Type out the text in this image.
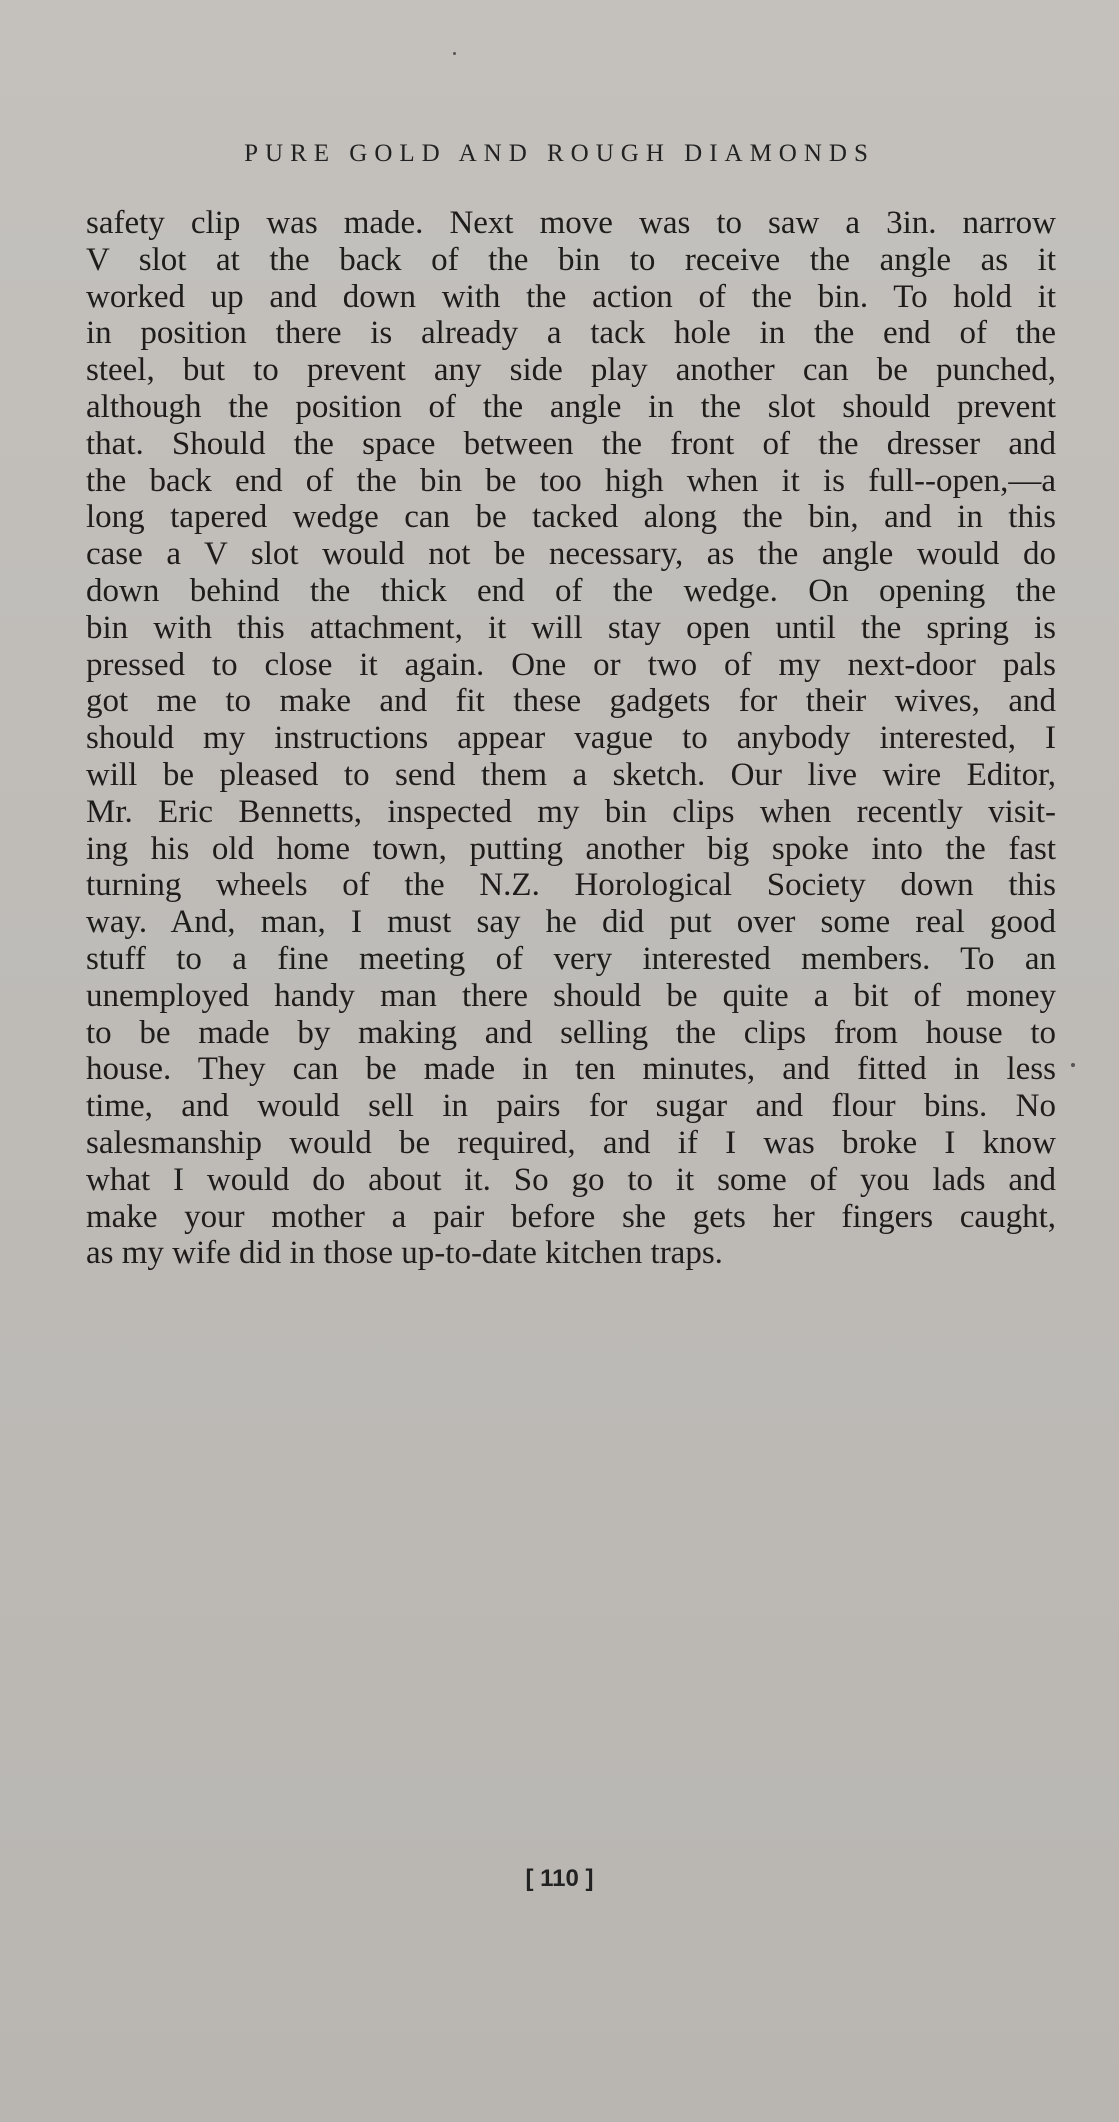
PURE GOLD AND ROUGH DIAMONDS
safety clip was made. Next move was to saw a 3in. narrow
V slot at the back of the bin to receive the angle as it
worked up and down with the action of the bin. To hold it
in position there is already a tack hole in the end of the
steel, but to prevent any side play another can be punched,
although the position of the angle in the slot should prevent
that. Should the space between the front of the dresser and
the back end of the bin be too high when it is full--open,—a
long tapered wedge can be tacked along the bin, and in this
case a V slot would not be necessary, as the angle would do
down behind the thick end of the wedge. On opening the
bin with this attachment, it will stay open until the spring is
pressed to close it again. One or two of my next-door pals
got me to make and fit these gadgets for their wives, and
should my instructions appear vague to anybody interested, I
will be pleased to send them a sketch. Our live wire Editor,
Mr. Eric Bennetts, inspected my bin clips when recently visit-
ing his old home town, putting another big spoke into the fast
turning wheels of the N.Z. Horological Society down this
way. And, man, I must say he did put over some real good
stuff to a fine meeting of very interested members. To an
unemployed handy man there should be quite a bit of money
to be made by making and selling the clips from house to
house. They can be made in ten minutes, and fitted in less
time, and would sell in pairs for sugar and flour bins. No
salesmanship would be required, and if I was broke I know
what I would do about it. So go to it some of you lads and
make your mother a pair before she gets her fingers caught,
as my wife did in those up-to-date kitchen traps.
[ 110 ]
